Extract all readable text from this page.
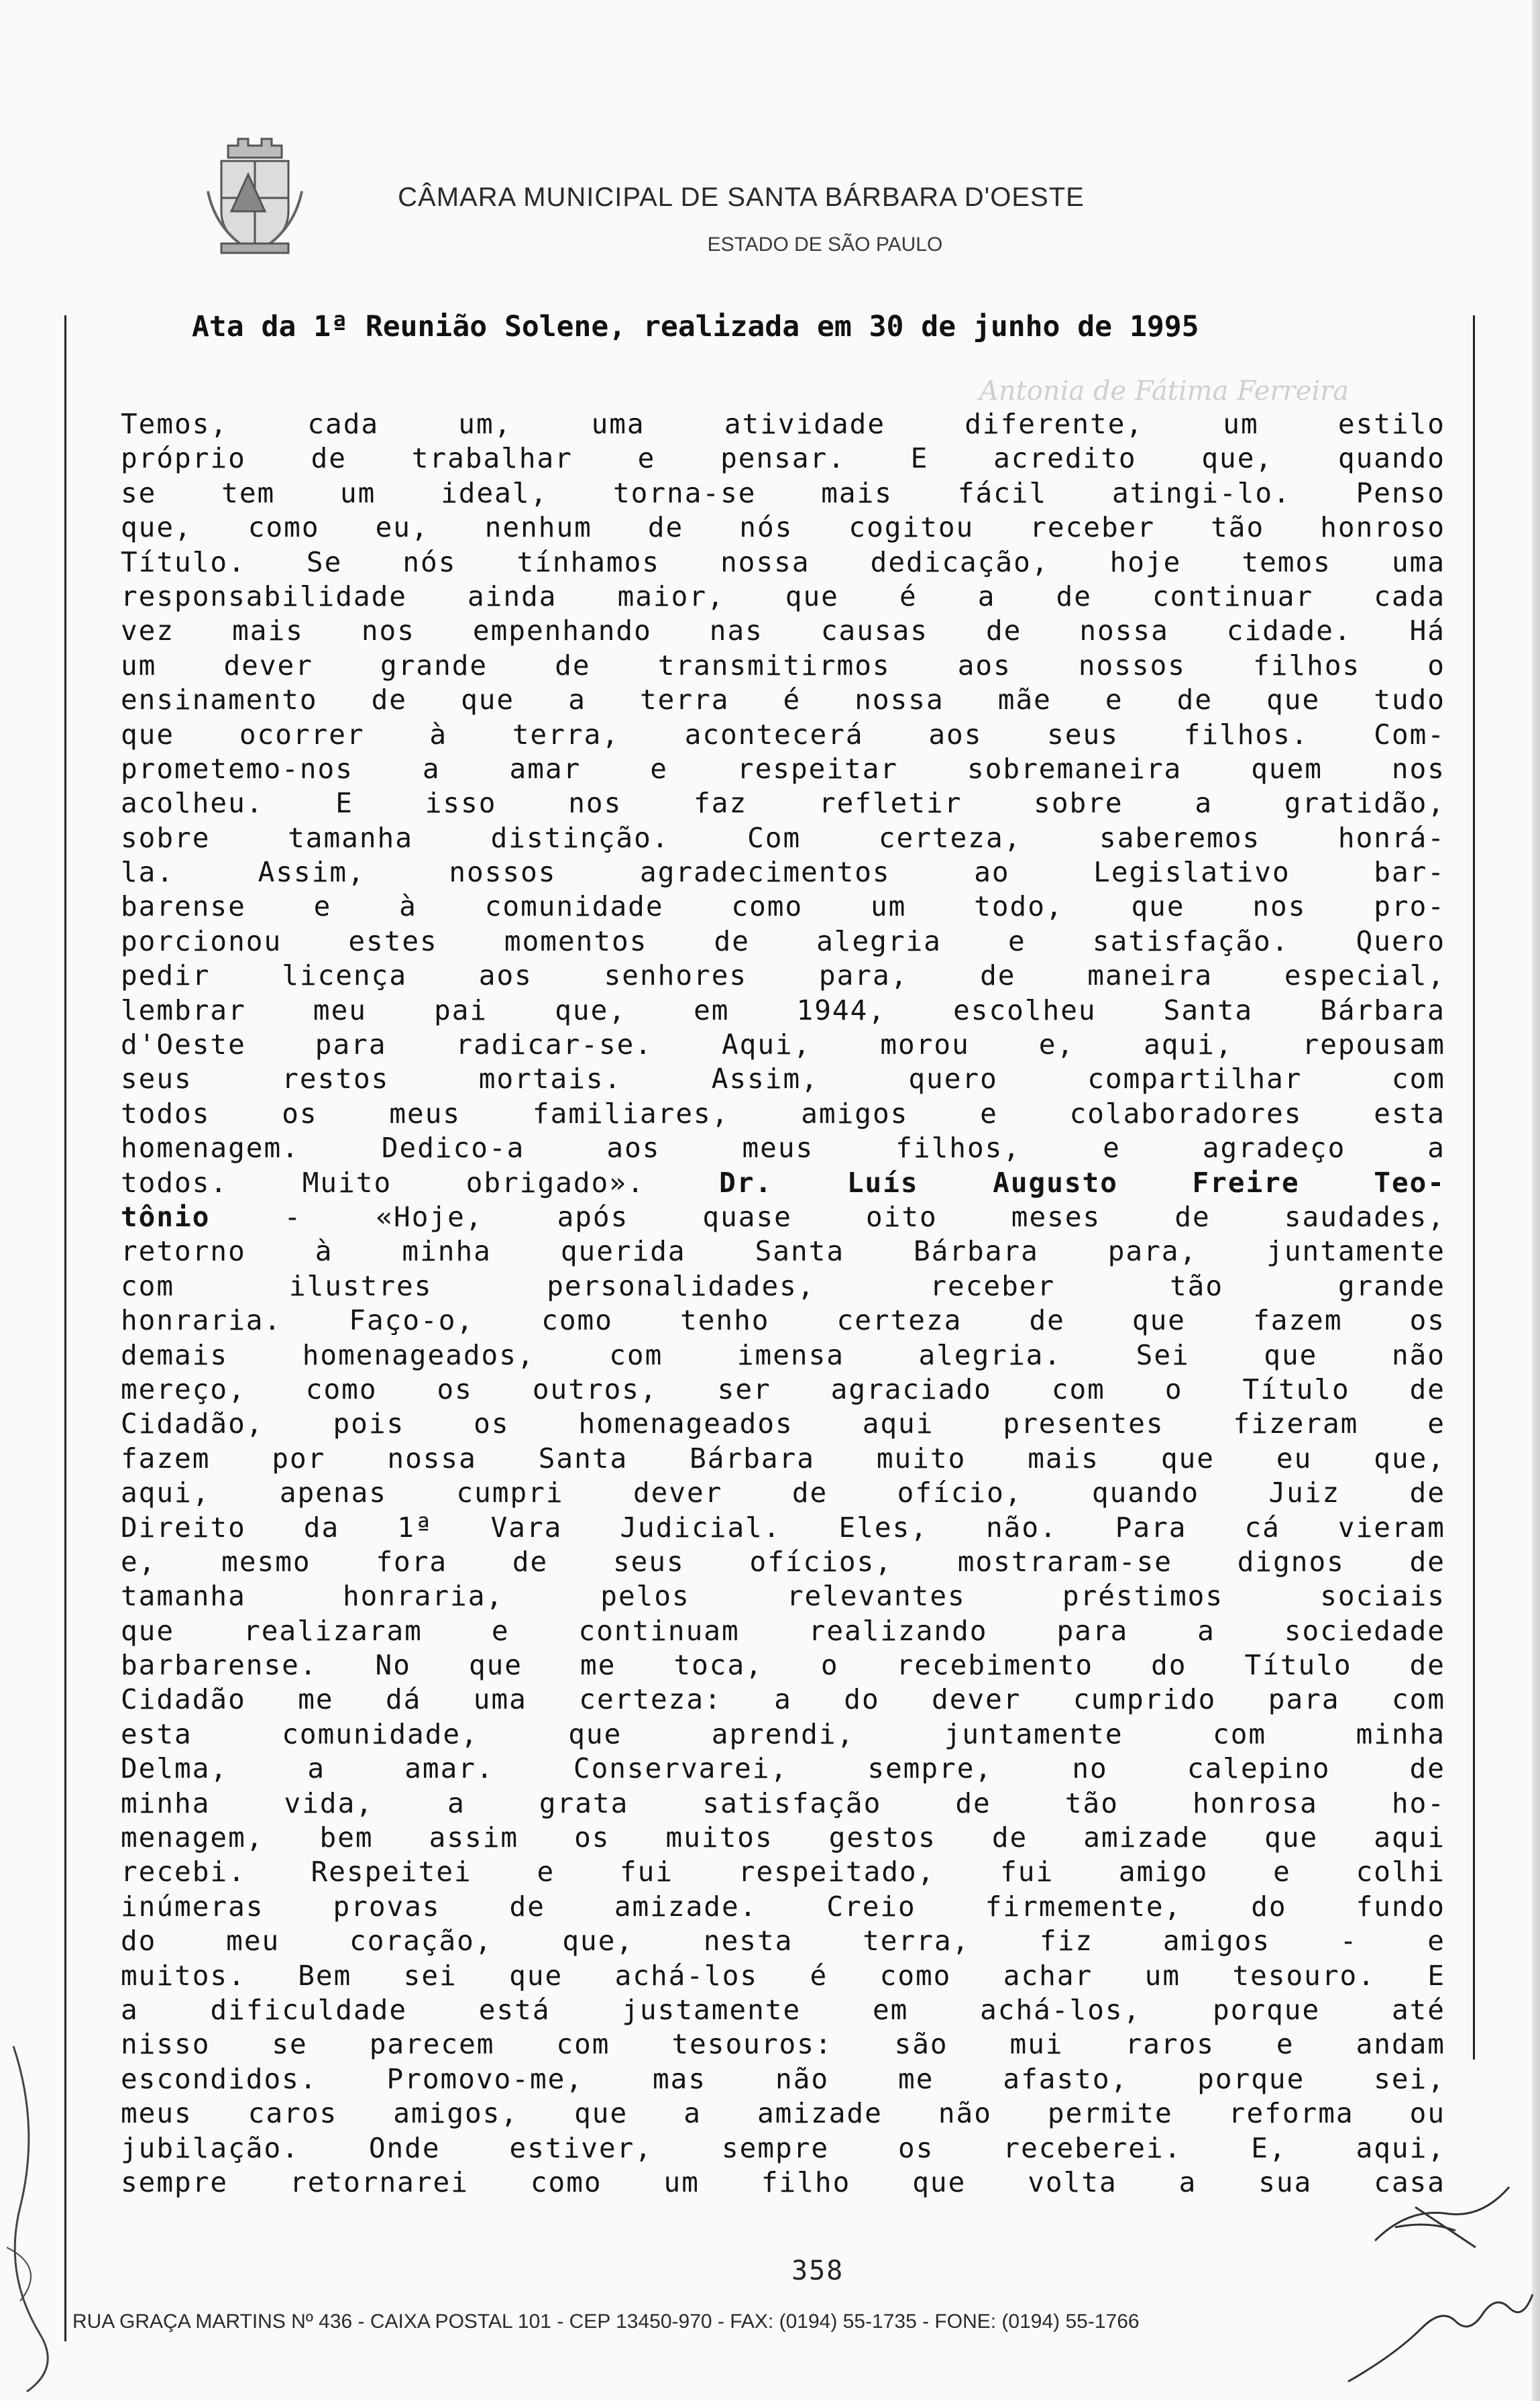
CÂMARA MUNICIPAL DE SANTA BÁRBARA D'OESTE
ESTADO DE SÃO PAULO
Antonia de Fátima Ferreira
Ata da 1ª Reunião Solene, realizada em 30 de junho de 1995
Temos, cada um, uma atividade diferente, um estilo
próprio de trabalhar e pensar. E acredito que, quando
se tem um ideal, torna-se mais fácil atingi-lo. Penso
que, como eu, nenhum de nós cogitou receber tão honroso
Título. Se nós tínhamos nossa dedicação, hoje temos uma
responsabilidade ainda maior, que é a de continuar cada
vez mais nos empenhando nas causas de nossa cidade. Há
um dever grande de transmitirmos aos nossos filhos o
ensinamento de que a terra é nossa mãe e de que tudo
que ocorrer à terra, acontecerá aos seus filhos. Com-
prometemo-nos a amar e respeitar sobremaneira quem nos
acolheu. E isso nos faz refletir sobre a gratidão,
sobre tamanha distinção. Com certeza, saberemos honrá-
la. Assim, nossos agradecimentos ao Legislativo bar-
barense e à comunidade como um todo, que nos pro-
porcionou estes momentos de alegria e satisfação. Quero
pedir licença aos senhores para, de maneira especial,
lembrar meu pai que, em 1944, escolheu Santa Bárbara
d'Oeste para radicar-se. Aqui, morou e, aqui, repousam
seus restos mortais. Assim, quero compartilhar com
todos os meus familiares, amigos e colaboradores esta
homenagem. Dedico-a aos meus filhos, e agradeço a
todos. Muito obrigado». Dr. Luís Augusto Freire Teo-
tônio - «Hoje, após quase oito meses de saudades,
retorno à minha querida Santa Bárbara para, juntamente
com ilustres personalidades, receber tão grande
honraria. Faço-o, como tenho certeza de que fazem os
demais homenageados, com imensa alegria. Sei que não
mereço, como os outros, ser agraciado com o Título de
Cidadão, pois os homenageados aqui presentes fizeram e
fazem por nossa Santa Bárbara muito mais que eu que,
aqui, apenas cumpri dever de ofício, quando Juiz de
Direito da 1ª Vara Judicial. Eles, não. Para cá vieram
e, mesmo fora de seus ofícios, mostraram-se dignos de
tamanha honraria, pelos relevantes préstimos sociais
que realizaram e continuam realizando para a sociedade
barbarense. No que me toca, o recebimento do Título de
Cidadão me dá uma certeza: a do dever cumprido para com
esta comunidade, que aprendi, juntamente com minha
Delma, a amar. Conservarei, sempre, no calepino de
minha vida, a grata satisfação de tão honrosa ho-
menagem, bem assim os muitos gestos de amizade que aqui
recebi. Respeitei e fui respeitado, fui amigo e colhi
inúmeras provas de amizade. Creio firmemente, do fundo
do meu coração, que, nesta terra, fiz amigos - e
muitos. Bem sei que achá-los é como achar um tesouro. E
a dificuldade está justamente em achá-los, porque até
nisso se parecem com tesouros: são mui raros e andam
escondidos. Promovo-me, mas não me afasto, porque sei,
meus caros amigos, que a amizade não permite reforma ou
jubilação. Onde estiver, sempre os receberei. E, aqui,
sempre retornarei como um filho que volta a sua casa
358
RUA GRAÇA MARTINS Nº 436 - CAIXA POSTAL 101 - CEP 13450-970 - FAX: (0194) 55-1735 - FONE: (0194) 55-1766
